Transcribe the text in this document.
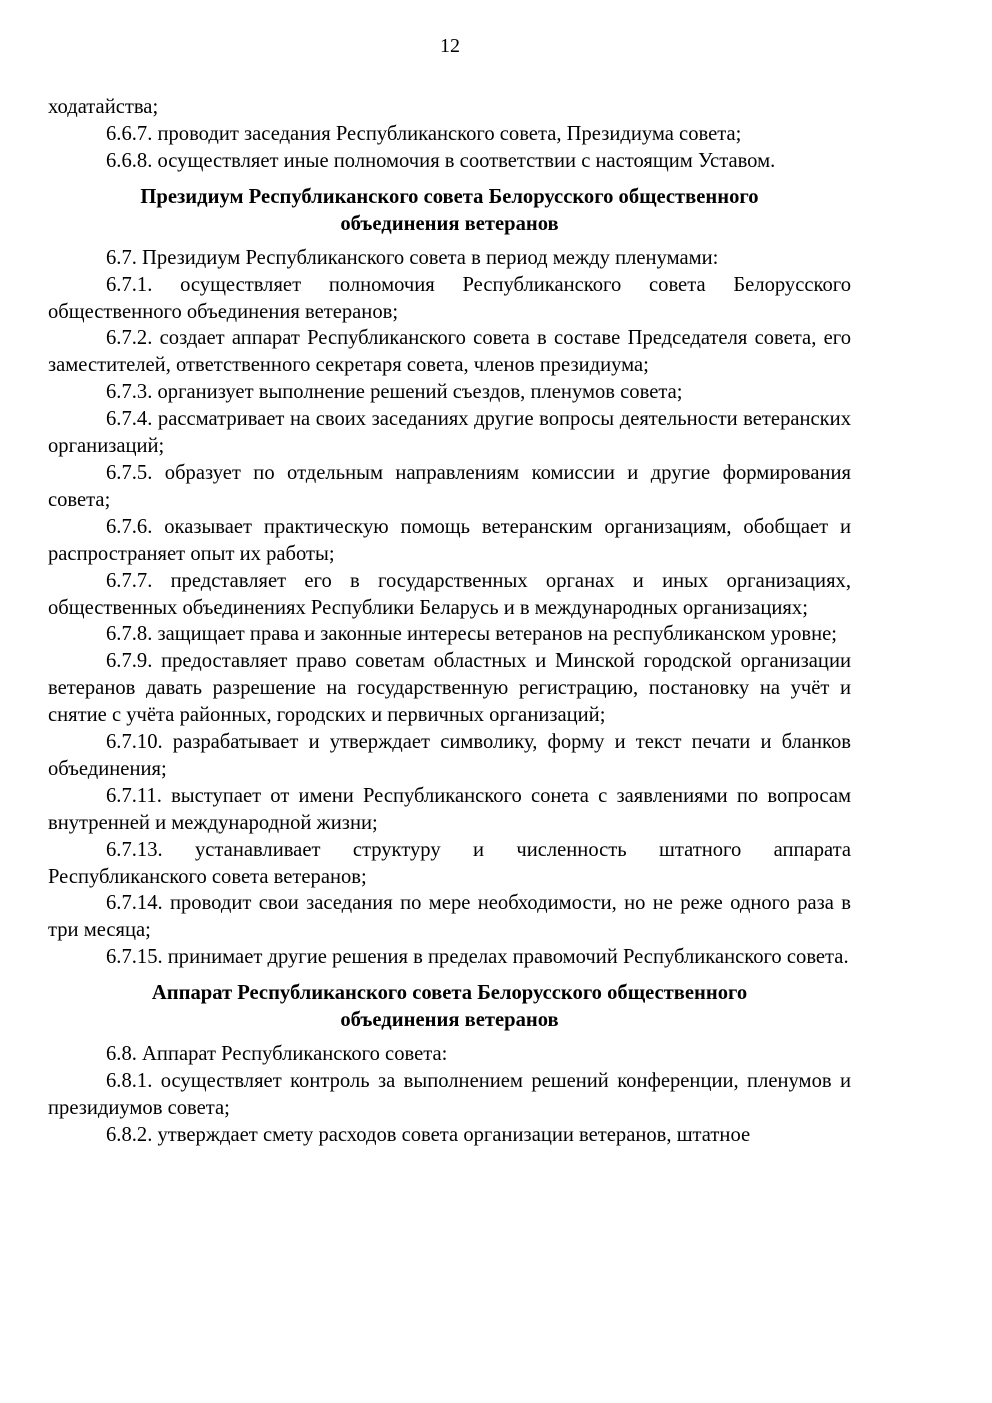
12

ходатайства;

6.6.7. проводит заседания Республиканского совета, Президиума совета;

6.6.8. осуществляет иные полномочия в соответствии с настоящим Уставом.

Президиум Республиканского совета Белорусского общественного
объединения ветеранов

6.7. Президиум Республиканского совета в период между пленумами:

6.7.1. осуществляет полномочия Республиканского совета Белорусского общественного объединения ветеранов;

6.7.2. создает аппарат Республиканского совета в составе Председателя совета, его заместителей, ответственного секретаря совета, членов президиума;

6.7.3. организует выполнение решений съездов, пленумов совета;

6.7.4. рассматривает на своих заседаниях другие вопросы деятельности ветеранских организаций;

6.7.5. образует по отдельным направлениям комиссии и другие формирования совета;

6.7.6. оказывает практическую помощь ветеранским организациям, обобщает и распространяет опыт их работы;

6.7.7. представляет его в государственных органах и иных организациях, общественных объединениях Республики Беларусь и в международных организациях;

6.7.8. защищает права и законные интересы ветеранов на республиканском уровне;

6.7.9. предоставляет право советам областных и Минской городской организации ветеранов давать разрешение на государственную регистрацию, постановку на учёт и снятие с учёта районных, городских и первичных организаций;

6.7.10. разрабатывает и утверждает символику, форму и текст печати и бланков объединения;

6.7.11. выступает от имени Республиканского сонета с заявлениями по вопросам внутренней и международной жизни;

6.7.13. устанавливает структуру и численность штатного аппарата Республиканского совета ветеранов;

6.7.14. проводит свои заседания по мере необходимости, но не реже одного раза в три месяца;

6.7.15. принимает другие решения в пределах правомочий Республиканского совета.

Аппарат Республиканского совета Белорусского общественного
объединения ветеранов

6.8. Аппарат Республиканского совета:

6.8.1. осуществляет контроль за выполнением решений конференции, пленумов и президиумов совета;

6.8.2. утверждает смету расходов совета организации ветеранов, штатное
